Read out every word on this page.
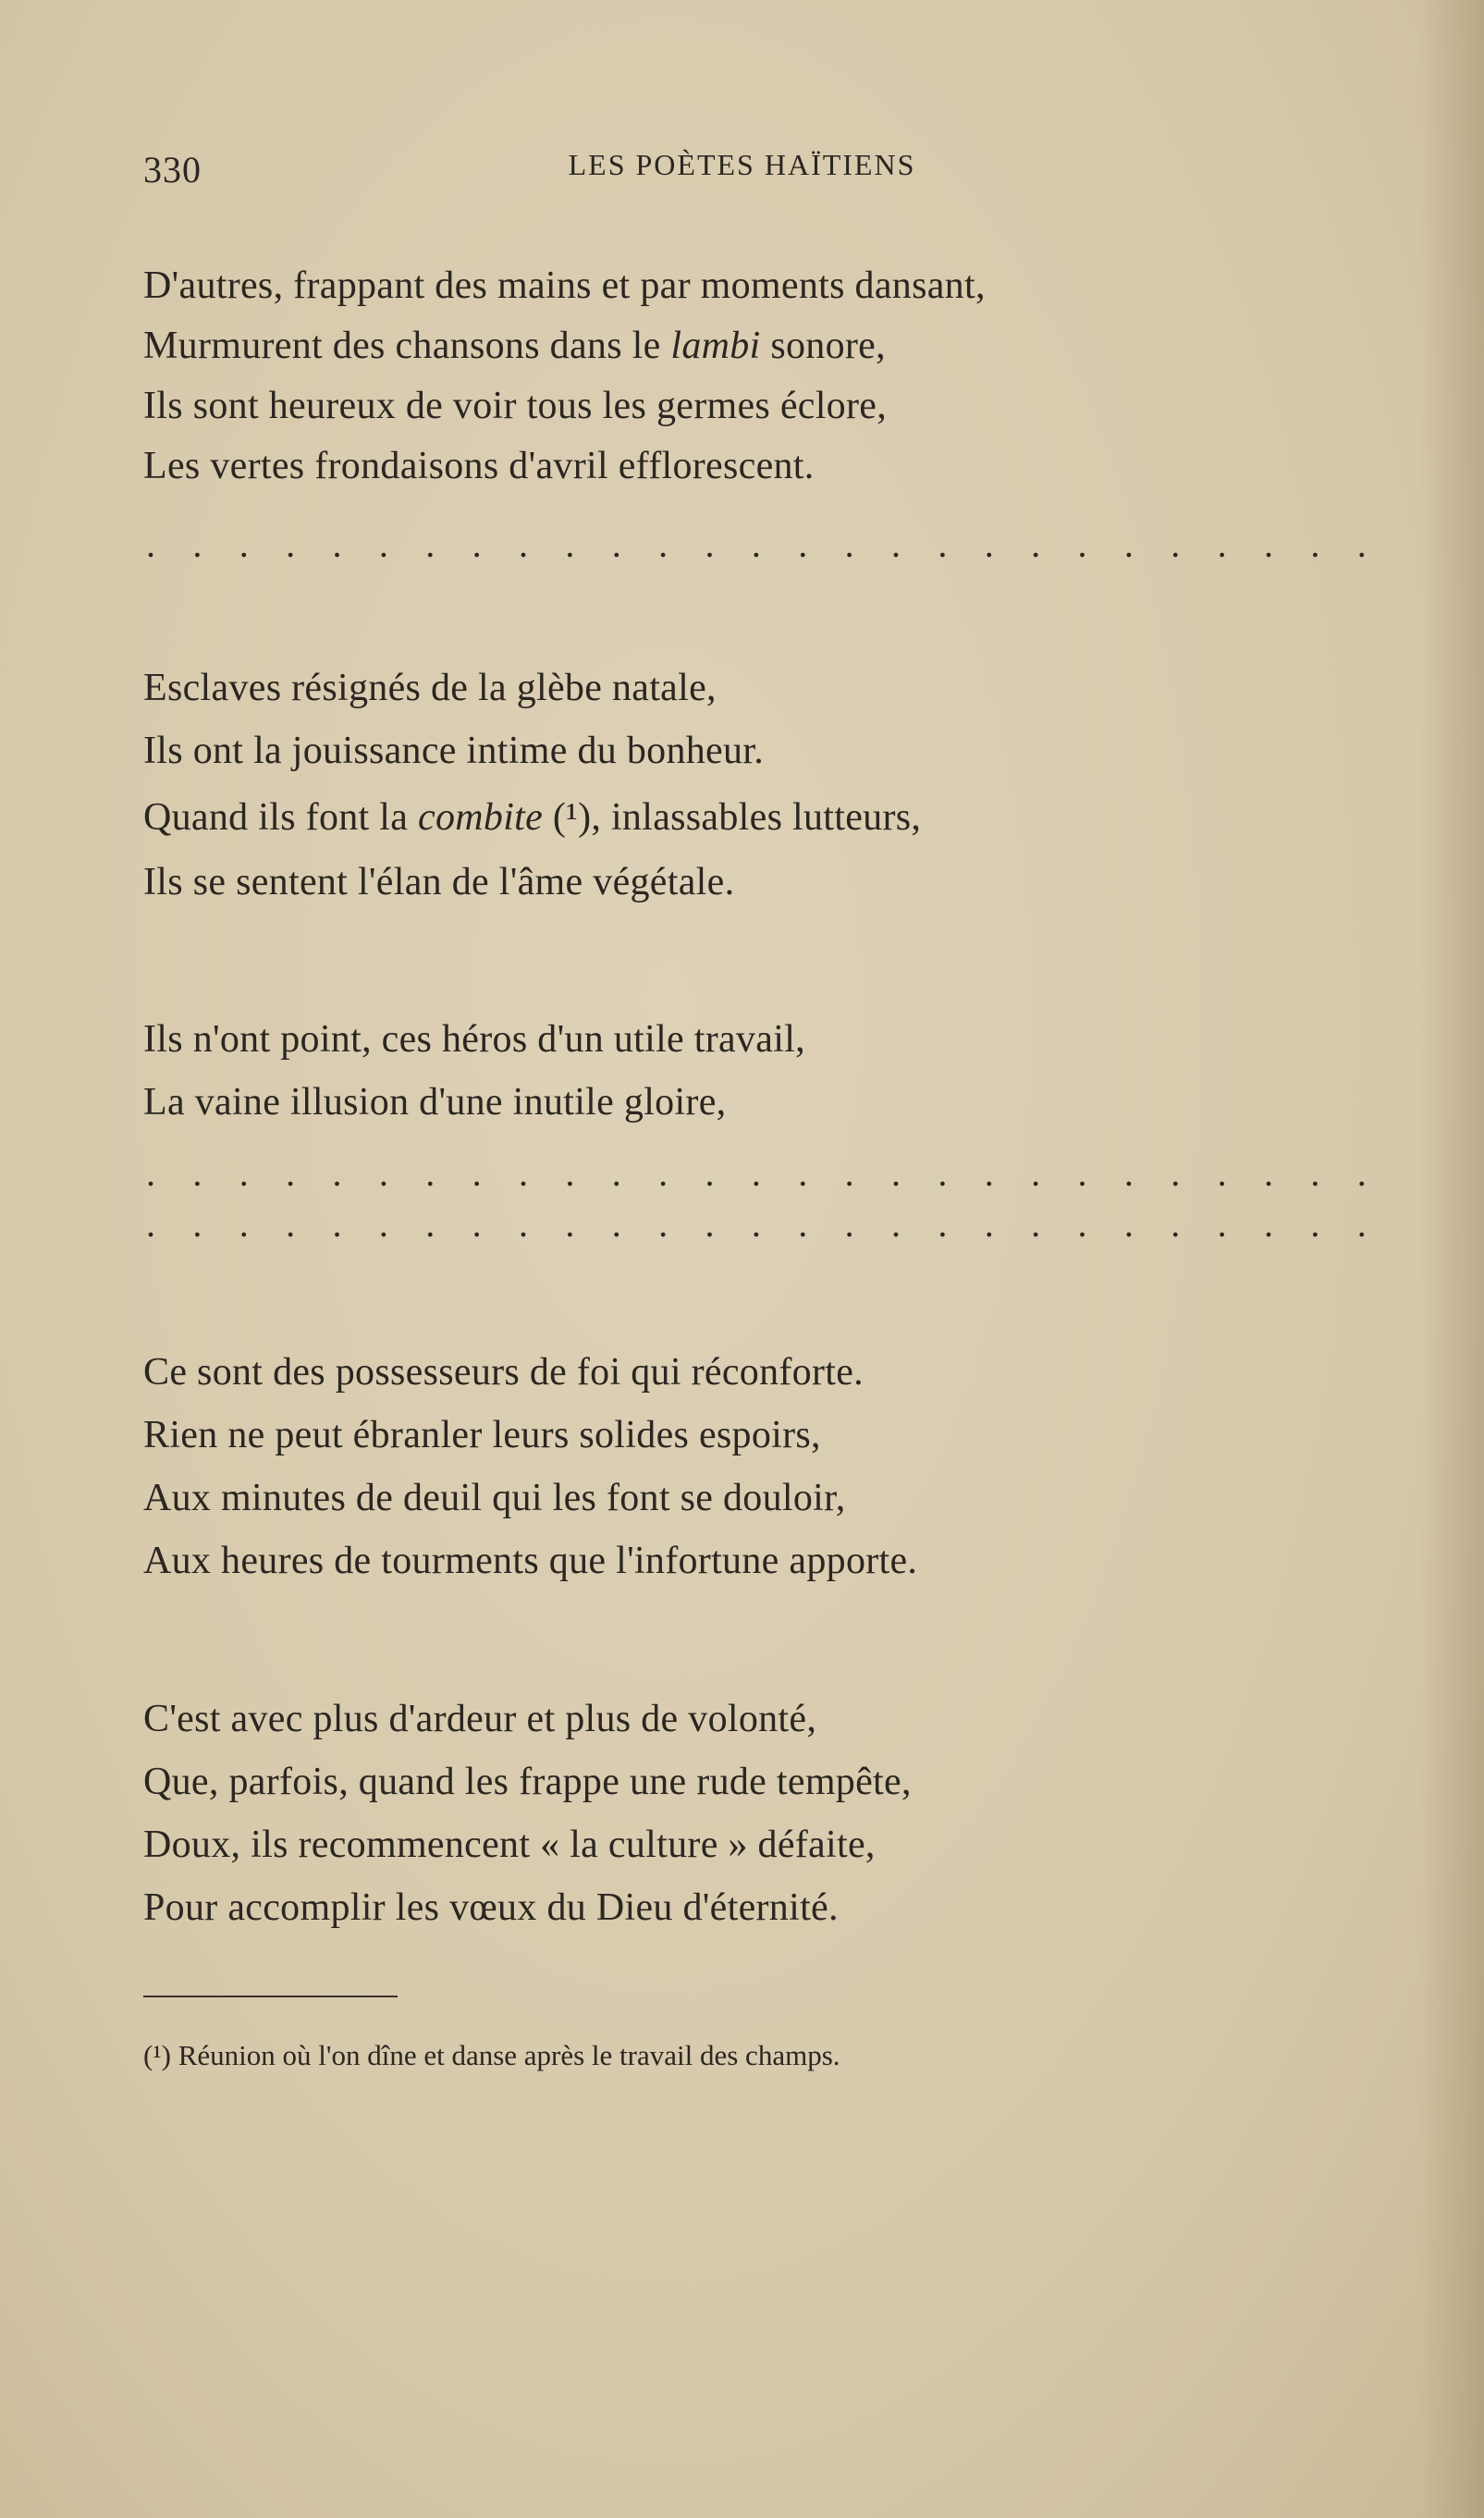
330	LES POÈTES HAÏTIENS
D'autres, frappant des mains et par moments dansant,
Murmurent des chansons dans le lambi sonore,
Ils sont heureux de voir tous les germes éclore,
Les vertes frondaisons d'avril efflorescent.
. . . . . . . . . . . . . . . . . . . . . . . . . . .
Esclaves résignés de la glèbe natale,
Ils ont la jouissance intime du bonheur.
Quand ils font la combite (¹), inlassables lutteurs,
Ils se sentent l'élan de l'âme végétale.
Ils n'ont point, ces héros d'un utile travail,
La vaine illusion d'une inutile gloire,
. . . . . . . . . . . . . . . . . . . . . . . . . . .
. . . . . . . . . . . . . . . . . . . . . . . . . . .
Ce sont des possesseurs de foi qui réconforte.
Rien ne peut ébranler leurs solides espoirs,
Aux minutes de deuil qui les font se douloir,
Aux heures de tourments que l'infortune apporte.
C'est avec plus d'ardeur et plus de volonté,
Que, parfois, quand les frappe une rude tempête,
Doux, ils recommencent « la culture » défaite,
Pour accomplir les vœux du Dieu d'éternité.
(¹) Réunion où l'on dîne et danse après le travail des champs.
